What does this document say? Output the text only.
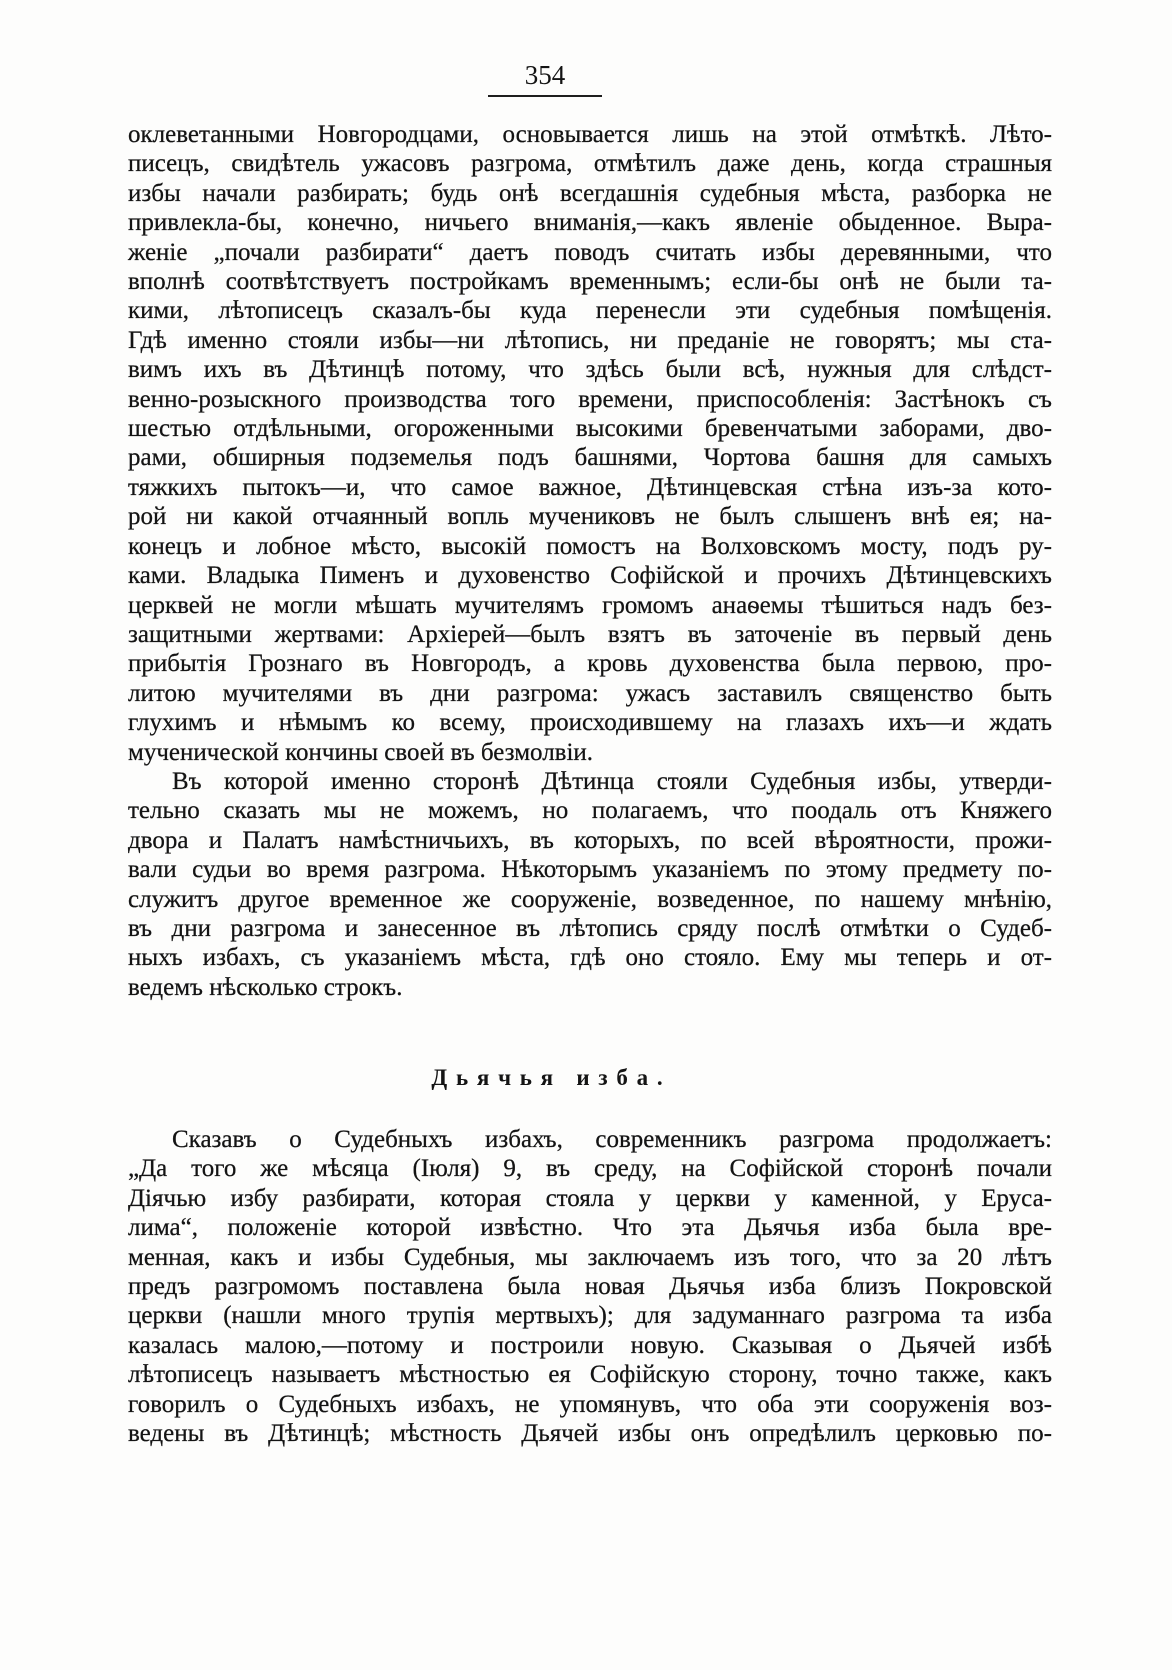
354
оклеветанными Новгородцами, основывается лишь на этой отмѣткѣ. Лѣто-
писецъ, свидѣтель ужасовъ разгрома, отмѣтилъ даже день, когда страшныя
избы начали разбирать; будь онѣ всегдашнія судебныя мѣста, разборка не
привлекла-бы, конечно, ничьего вниманія,—какъ явленіе обыденное. Выра-
женіе „почали разбирати“ даетъ поводъ считать избы деревянными, что
вполнѣ соотвѣтствуетъ постройкамъ временнымъ; если-бы онѣ не были та-
кими, лѣтописецъ сказалъ-бы куда перенесли эти судебныя помѣщенія.
Гдѣ именно стояли избы—ни лѣтопись, ни преданіе не говорятъ; мы ста-
вимъ ихъ въ Дѣтинцѣ потому, что здѣсь были всѣ, нужныя для слѣдст-
венно-розыскного производства того времени, приспособленія: Застѣнокъ съ
шестью отдѣльными, огороженными высокими бревенчатыми заборами, дво-
рами, обширныя подземелья подъ башнями, Чортова башня для самыхъ
тяжкихъ пытокъ—и, что самое важное, Дѣтинцевская стѣна изъ-за кото-
рой ни какой отчаянный вопль мучениковъ не былъ слышенъ внѣ ея; на-
конецъ и лобное мѣсто, высокій помостъ на Волховскомъ мосту, подъ ру-
ками. Владыка Пименъ и духовенство Софійской и прочихъ Дѣтинцевскихъ
церквей не могли мѣшать мучителямъ громомъ анаѳемы тѣшиться надъ без-
защитными жертвами: Архіерей—былъ взятъ въ заточеніе въ первый день
прибытія Грознаго въ Новгородъ, а кровь духовенства была первою, про-
литою мучителями въ дни разгрома: ужасъ заставилъ священство быть
глухимъ и нѣмымъ ко всему, происходившему на глазахъ ихъ—и ждать
мученической кончины своей въ безмолвіи.
Въ которой именно сторонѣ Дѣтинца стояли Судебныя избы, утверди-
тельно сказать мы не можемъ, но полагаемъ, что поодаль отъ Княжего
двора и Палатъ намѣстничьихъ, въ которыхъ, по всей вѣроятности, прожи-
вали судьи во время разгрома. Нѣкоторымъ указаніемъ по этому предмету по-
служитъ другое временное же сооруженіе, возведенное, по нашему мнѣнію,
въ дни разгрома и занесенное въ лѣтопись сряду послѣ отмѣтки о Судеб-
ныхъ избахъ, съ указаніемъ мѣста, гдѣ оно стояло. Ему мы теперь и от-
ведемъ нѣсколько строкъ.
Дьячья изба.
Сказавъ о Судебныхъ избахъ, современникъ разгрома продолжаетъ:
„Да того же мѣсяца (Іюля) 9, въ среду, на Софійской сторонѣ почали
Діячью избу разбирати, которая стояла у церкви у каменной, у Еруса-
лима“, положеніе которой извѣстно. Что эта Дьячья изба была вре-
менная, какъ и избы Судебныя, мы заключаемъ изъ того, что за 20 лѣтъ
предъ разгромомъ поставлена была новая Дьячья изба близъ Покровской
церкви (нашли много трупія мертвыхъ); для задуманнаго разгрома та изба
казалась малою,—потому и построили новую. Сказывая о Дьячей избѣ
лѣтописецъ называетъ мѣстностью ея Софійскую сторону, точно также, какъ
говорилъ о Судебныхъ избахъ, не упомянувъ, что оба эти сооруженія воз-
ведены въ Дѣтинцѣ; мѣстность Дьячей избы онъ опредѣлилъ церковью по-
